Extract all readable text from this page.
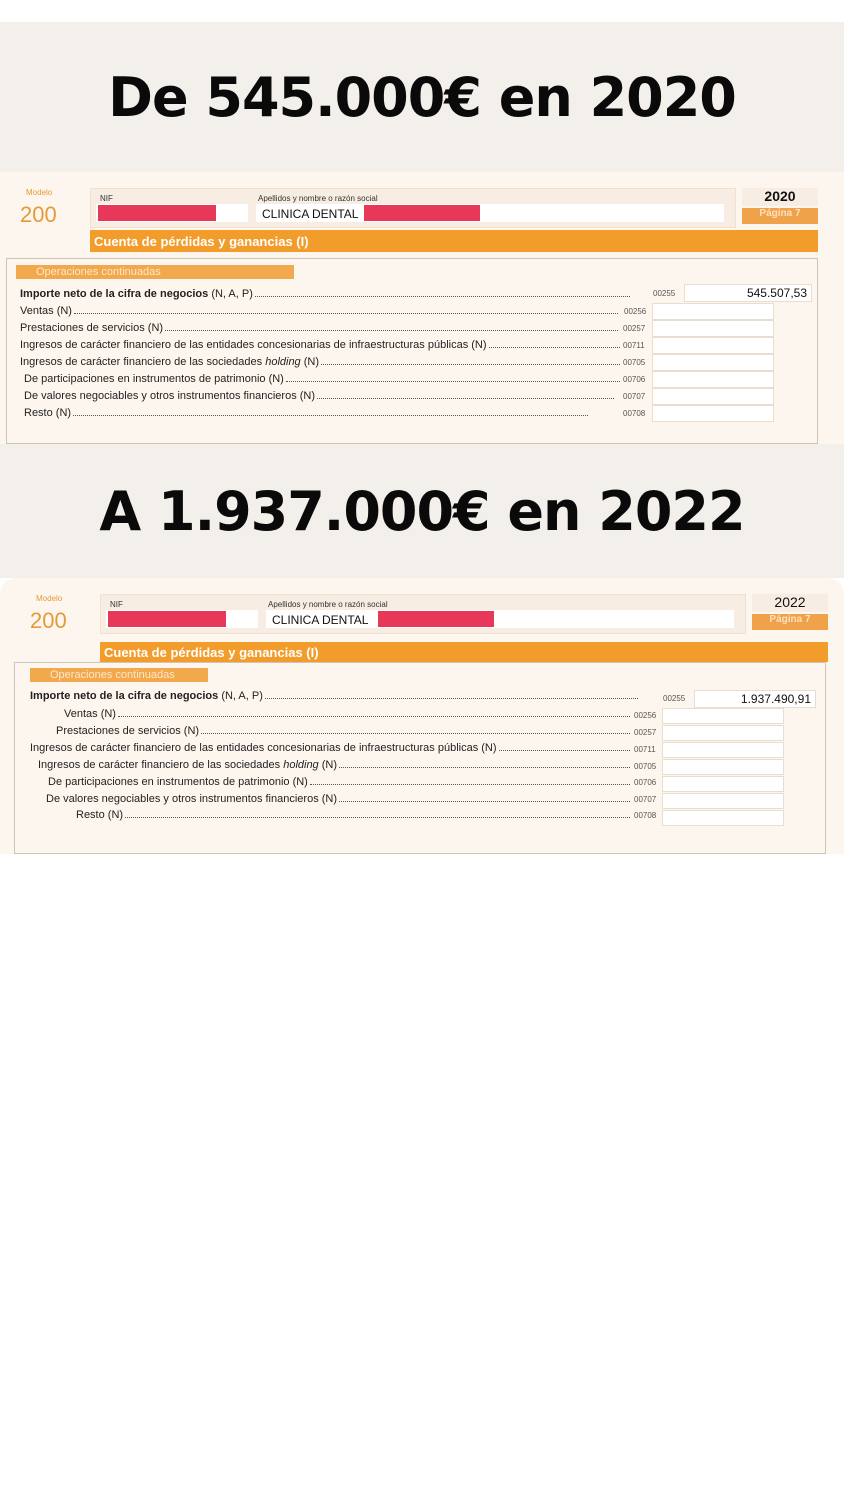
De 545.000€ en 2020
Modelo
200
NIF	Apellidos y nombre o razón social
CLINICA DENTAL
2020
Página 7
Cuenta de pérdidas y ganancias (I)
Operaciones continuadas
Importe neto de la cifra de negocios (N, A, P)	00255	545.507,53
Ventas (N)	00256
Prestaciones de servicios (N)	00257
Ingresos de carácter financiero de las entidades concesionarias de infraestructuras públicas (N)	00711
Ingresos de carácter financiero de las sociedades holding (N)	00705
De participaciones en instrumentos de patrimonio (N)	00706
De valores negociables y otros instrumentos financieros (N)	00707
Resto (N)	00708
A 1.937.000€ en 2022
Modelo
200
NIF	Apellidos y nombre o razón social
CLINICA DENTAL
2022
Página 7
Cuenta de pérdidas y ganancias (I)
Operaciones continuadas
Importe neto de la cifra de negocios (N, A, P)	00255	1.937.490,91
Ventas (N)	00256
Prestaciones de servicios (N)	00257
Ingresos de carácter financiero de las entidades concesionarias de infraestructuras públicas (N)	00711
Ingresos de carácter financiero de las sociedades holding (N)	00705
De participaciones en instrumentos de patrimonio (N)	00706
De valores negociables y otros instrumentos financieros (N)	00707
Resto (N)	00708
